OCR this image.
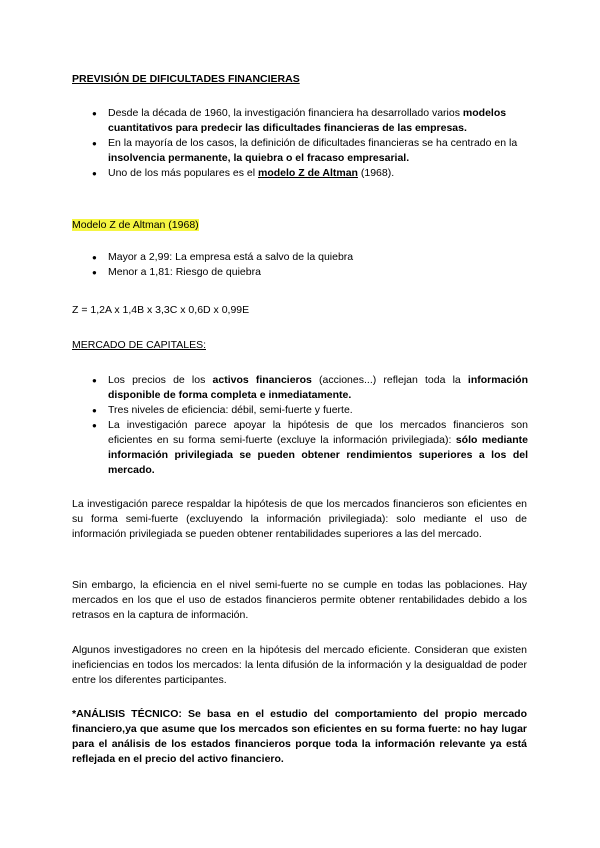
PREVISIÓN DE DIFICULTADES FINANCIERAS
● Desde la década de 1960, la investigación financiera ha desarrollado varios modelos cuantitativos para predecir las dificultades financieras de las empresas.
● En la mayoría de los casos, la definición de dificultades financieras se ha centrado en la insolvencia permanente, la quiebra o el fracaso empresarial.
● Uno de los más populares es el modelo Z de Altman (1968).
Modelo Z de Altman (1968)
● Mayor a 2,99: La empresa está a salvo de la quiebra
● Menor a 1,81: Riesgo de quiebra
Z = 1,2A x 1,4B x 3,3C x 0,6D x 0,99E
MERCADO DE CAPITALES:
● Los precios de los activos financieros (acciones...) reflejan toda la información disponible de forma completa e inmediatamente.
● Tres niveles de eficiencia: débil, semi-fuerte y fuerte.
● La investigación parece apoyar la hipótesis de que los mercados financieros son eficientes en su forma semi-fuerte (excluye la información privilegiada): sólo mediante información privilegiada se pueden obtener rendimientos superiores a los del mercado.
La investigación parece respaldar la hipótesis de que los mercados financieros son eficientes en su forma semi-fuerte (excluyendo la información privilegiada): solo mediante el uso de información privilegiada se pueden obtener rentabilidades superiores a las del mercado.
Sin embargo, la eficiencia en el nivel semi-fuerte no se cumple en todas las poblaciones. Hay mercados en los que el uso de estados financieros permite obtener rentabilidades debido a los retrasos en la captura de información.
Algunos investigadores no creen en la hipótesis del mercado eficiente. Consideran que existen ineficiencias en todos los mercados: la lenta difusión de la información y la desigualdad de poder entre los diferentes participantes.
*ANÁLISIS TÉCNICO: Se basa en el estudio del comportamiento del propio mercado financiero,ya que asume que los mercados son eficientes en su forma fuerte: no hay lugar para el análisis de los estados financieros porque toda la información relevante ya está reflejada en el precio del activo financiero.
